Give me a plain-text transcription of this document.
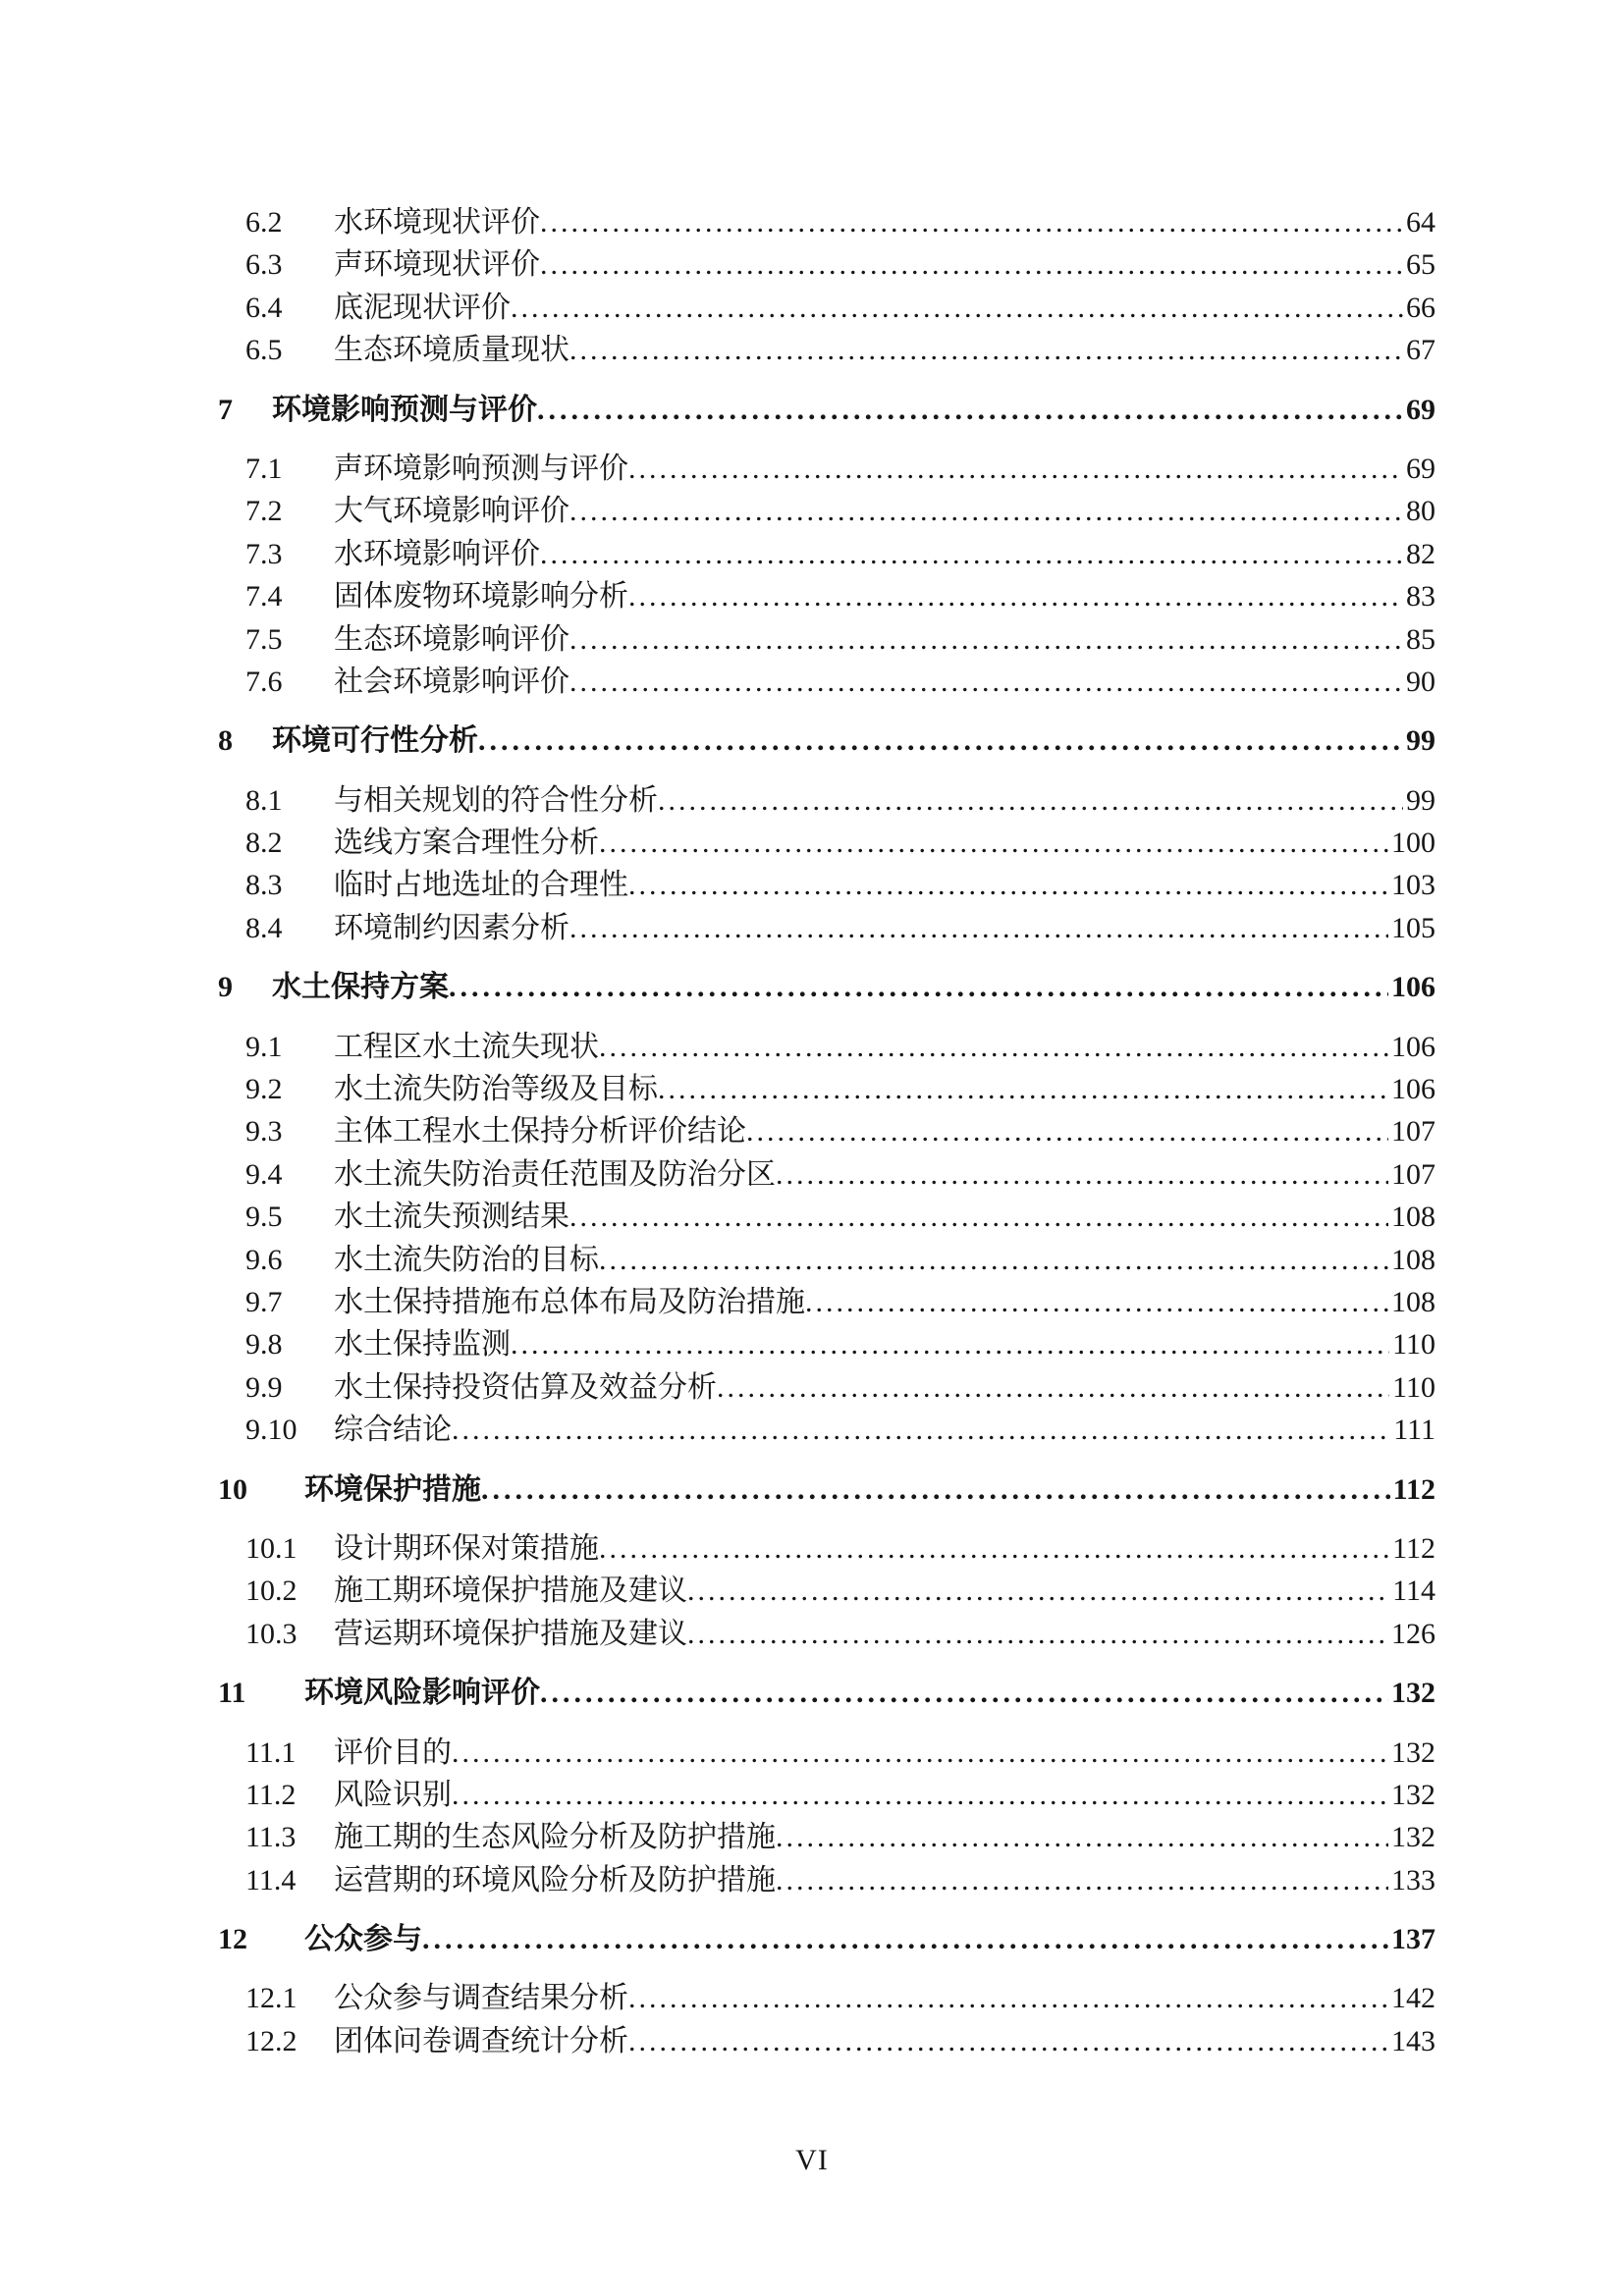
6.2	水环境现状评价 .....	64
6.3	声环境现状评价 .....	65
6.4	底泥现状评价 .....	66
6.5	生态环境质量现状 .....	67
7	环境影响预测与评价 .....	69
7.1	声环境影响预测与评价 .....	69
7.2	大气环境影响评价 .....	80
7.3	水环境影响评价 .....	82
7.4	固体废物环境影响分析 .....	83
7.5	生态环境影响评价 .....	85
7.6	社会环境影响评价 .....	90
8	环境可行性分析 .....	99
8.1	与相关规划的符合性分析 .....	99
8.2	选线方案合理性分析 .....	100
8.3	临时占地选址的合理性 .....	103
8.4	环境制约因素分析 .....	105
9	水土保持方案 .....	106
9.1	工程区水土流失现状 .....	106
9.2	水土流失防治等级及目标 .....	106
9.3	主体工程水土保持分析评价结论 .....	107
9.4	水土流失防治责任范围及防治分区 .....	107
9.5	水土流失预测结果 .....	108
9.6	水土流失防治的目标 .....	108
9.7	水土保持措施布总体布局及防治措施 .....	108
9.8	水土保持监测 .....	110
9.9	水土保持投资估算及效益分析 .....	110
9.10	综合结论 .....	111
10	环境保护措施 .....	112
10.1	设计期环保对策措施 .....	112
10.2	施工期环境保护措施及建议 .....	114
10.3	营运期环境保护措施及建议 .....	126
11	环境风险影响评价 .....	132
11.1	评价目的 .....	132
11.2	风险识别 .....	132
11.3	施工期的生态风险分析及防护措施 .....	132
11.4	运营期的环境风险分析及防护措施 .....	133
12	公众参与 .....	137
12.1	公众参与调查结果分析 .....	142
12.2	团体问卷调查统计分析 .....	143
VI
